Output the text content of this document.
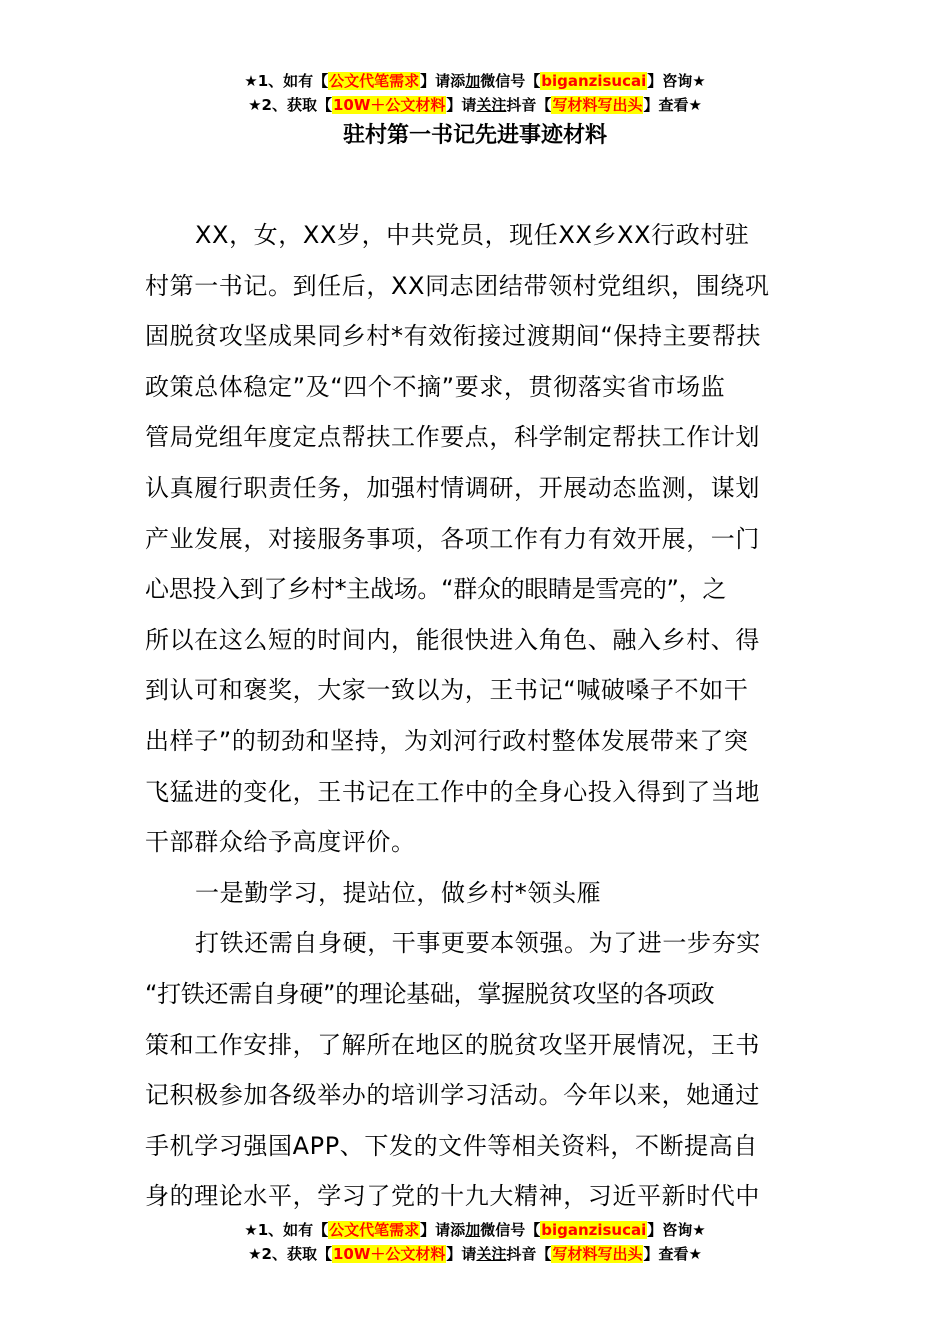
★1、如有【公文代笔需求】请添加微信号【biganzisucai】咨询★
★2、获取【10W＋公文材料】请关注抖音【写材料写出头】查看★
驻村第一书记先进事迹材料
XX，女，XX岁，中共党员，现任XX乡XX行政村驻
村第一书记。到任后，XX同志团结带领村党组织，围绕巩
固脱贫攻坚成果同乡村*有效衔接过渡期间“保持主要帮扶
政策总体稳定”及“四个不摘”要求，贯彻落实省市场监
管局党组年度定点帮扶工作要点，科学制定帮扶工作计划
认真履行职责任务，加强村情调研，开展动态监测，谋划
产业发展，对接服务事项，各项工作有力有效开展，一门
心思投入到了乡村*主战场。“群众的眼睛是雪亮的”，之
所以在这么短的时间内，能很快进入角色、融入乡村、得
到认可和褒奖，大家一致以为，王书记“喊破嗓子不如干
出样子”的韧劲和坚持，为刘河行政村整体发展带来了突
飞猛进的变化，王书记在工作中的全身心投入得到了当地
干部群众给予高度评价。
一是勤学习，提站位，做乡村*领头雁
打铁还需自身硬，干事更要本领强。为了进一步夯实
“打铁还需自身硬”的理论基础，掌握脱贫攻坚的各项政
策和工作安排，了解所在地区的脱贫攻坚开展情况，王书
记积极参加各级举办的培训学习活动。今年以来，她通过
手机学习强国APP、下发的文件等相关资料，不断提高自
身的理论水平，学习了党的十九大精神，习近平新时代中
★1、如有【公文代笔需求】请添加微信号【biganzisucai】咨询★
★2、获取【10W＋公文材料】请关注抖音【写材料写出头】查看★
